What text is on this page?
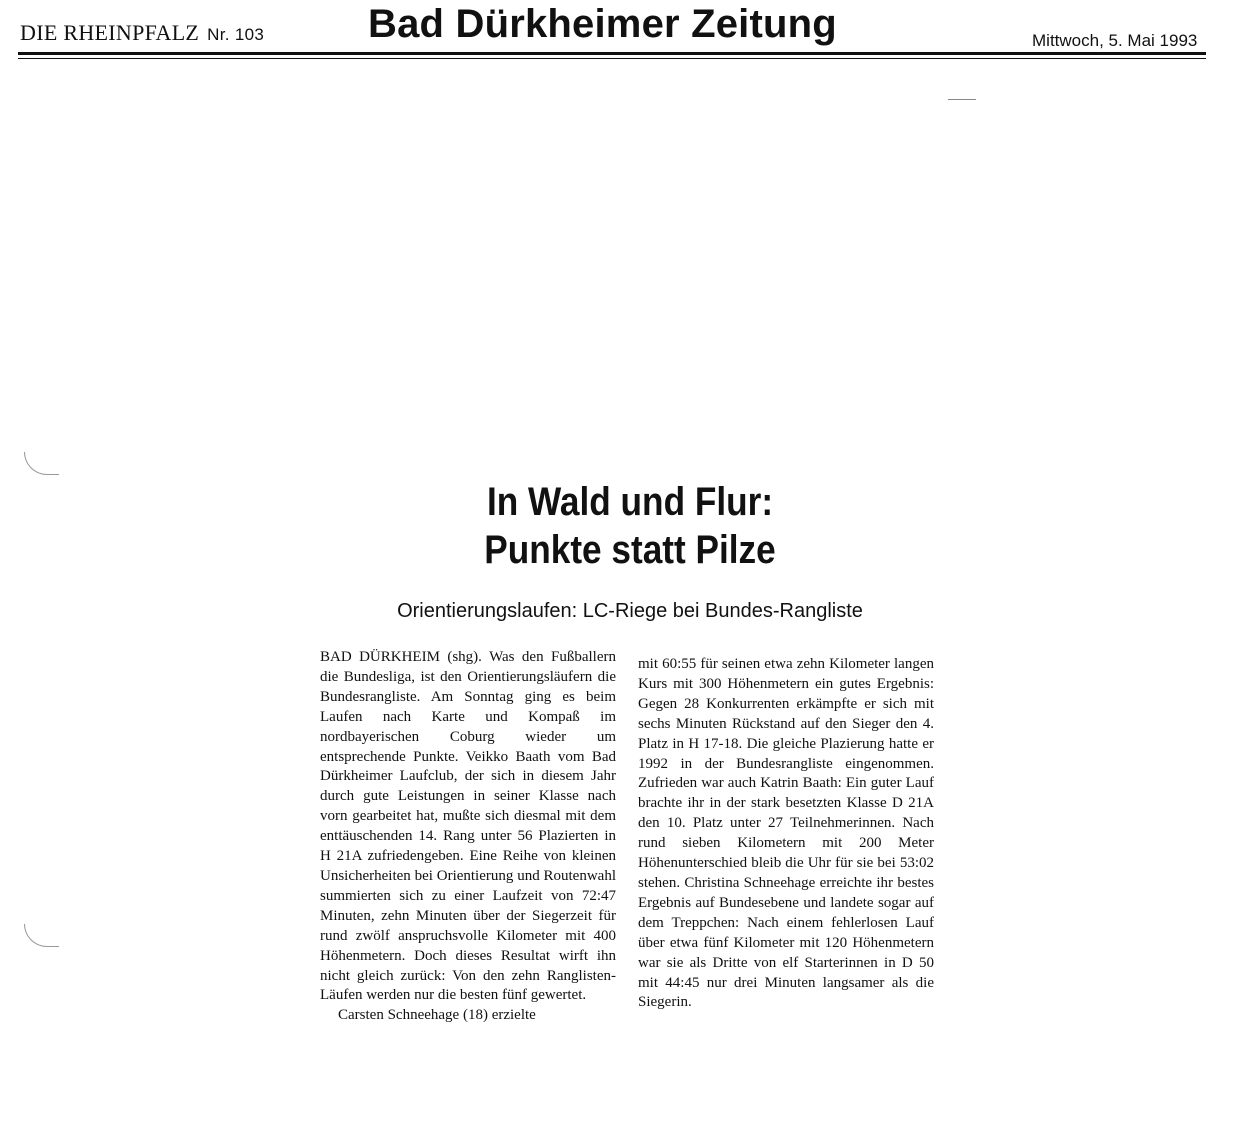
DIE RHEINPFALZ Nr. 103	Bad Dürkheimer Zeitung	Mittwoch, 5. Mai 1993
In Wald und Flur:
Punkte statt Pilze
Orientierungslaufen: LC-Riege bei Bundes-Rangliste

BAD DÜRKHEIM (shg). Was den Fußballern die Bundesliga, ist den Orientierungsläufern die Bundesrangliste. Am Sonntag ging es beim Laufen nach Karte und Kompaß im nordbayerischen Coburg wieder um entsprechende Punkte. Veikko Baath vom Bad Dürkheimer Laufclub, der sich in diesem Jahr durch gute Leistungen in seiner Klasse nach vorn gearbeitet hat, mußte sich diesmal mit dem enttäuschenden 14. Rang unter 56 Plazierten in H 21A zufriedengeben. Eine Reihe von kleinen Unsicherheiten bei Orientierung und Routenwahl summierten sich zu einer Laufzeit von 72:47 Minuten, zehn Minuten über der Siegerzeit für rund zwölf anspruchsvolle Kilometer mit 400 Höhenmetern. Doch dieses Resultat wirft ihn nicht gleich zurück: Von den zehn Ranglisten-Läufen werden nur die besten fünf gewertet.

Carsten Schneehage (18) erzielte

mit 60:55 für seinen etwa zehn Kilometer langen Kurs mit 300 Höhenmetern ein gutes Ergebnis: Gegen 28 Konkurrenten erkämpfte er sich mit sechs Minuten Rückstand auf den Sieger den 4. Platz in H 17-18. Die gleiche Plazierung hatte er 1992 in der Bundesrangliste eingenommen. Zufrieden war auch Katrin Baath: Ein guter Lauf brachte ihr in der stark besetzten Klasse D 21A den 10. Platz unter 27 Teilnehmerinnen. Nach rund sieben Kilometern mit 200 Meter Höhenunterschied bleib die Uhr für sie bei 53:02 stehen. Christina Schneehage erreichte ihr bestes Ergebnis auf Bundesebene und landete sogar auf dem Treppchen: Nach einem fehlerlosen Lauf über etwa fünf Kilometer mit 120 Höhenmetern war sie als Dritte von elf Starterinnen in D 50 mit 44:45 nur drei Minuten langsamer als die Siegerin.
